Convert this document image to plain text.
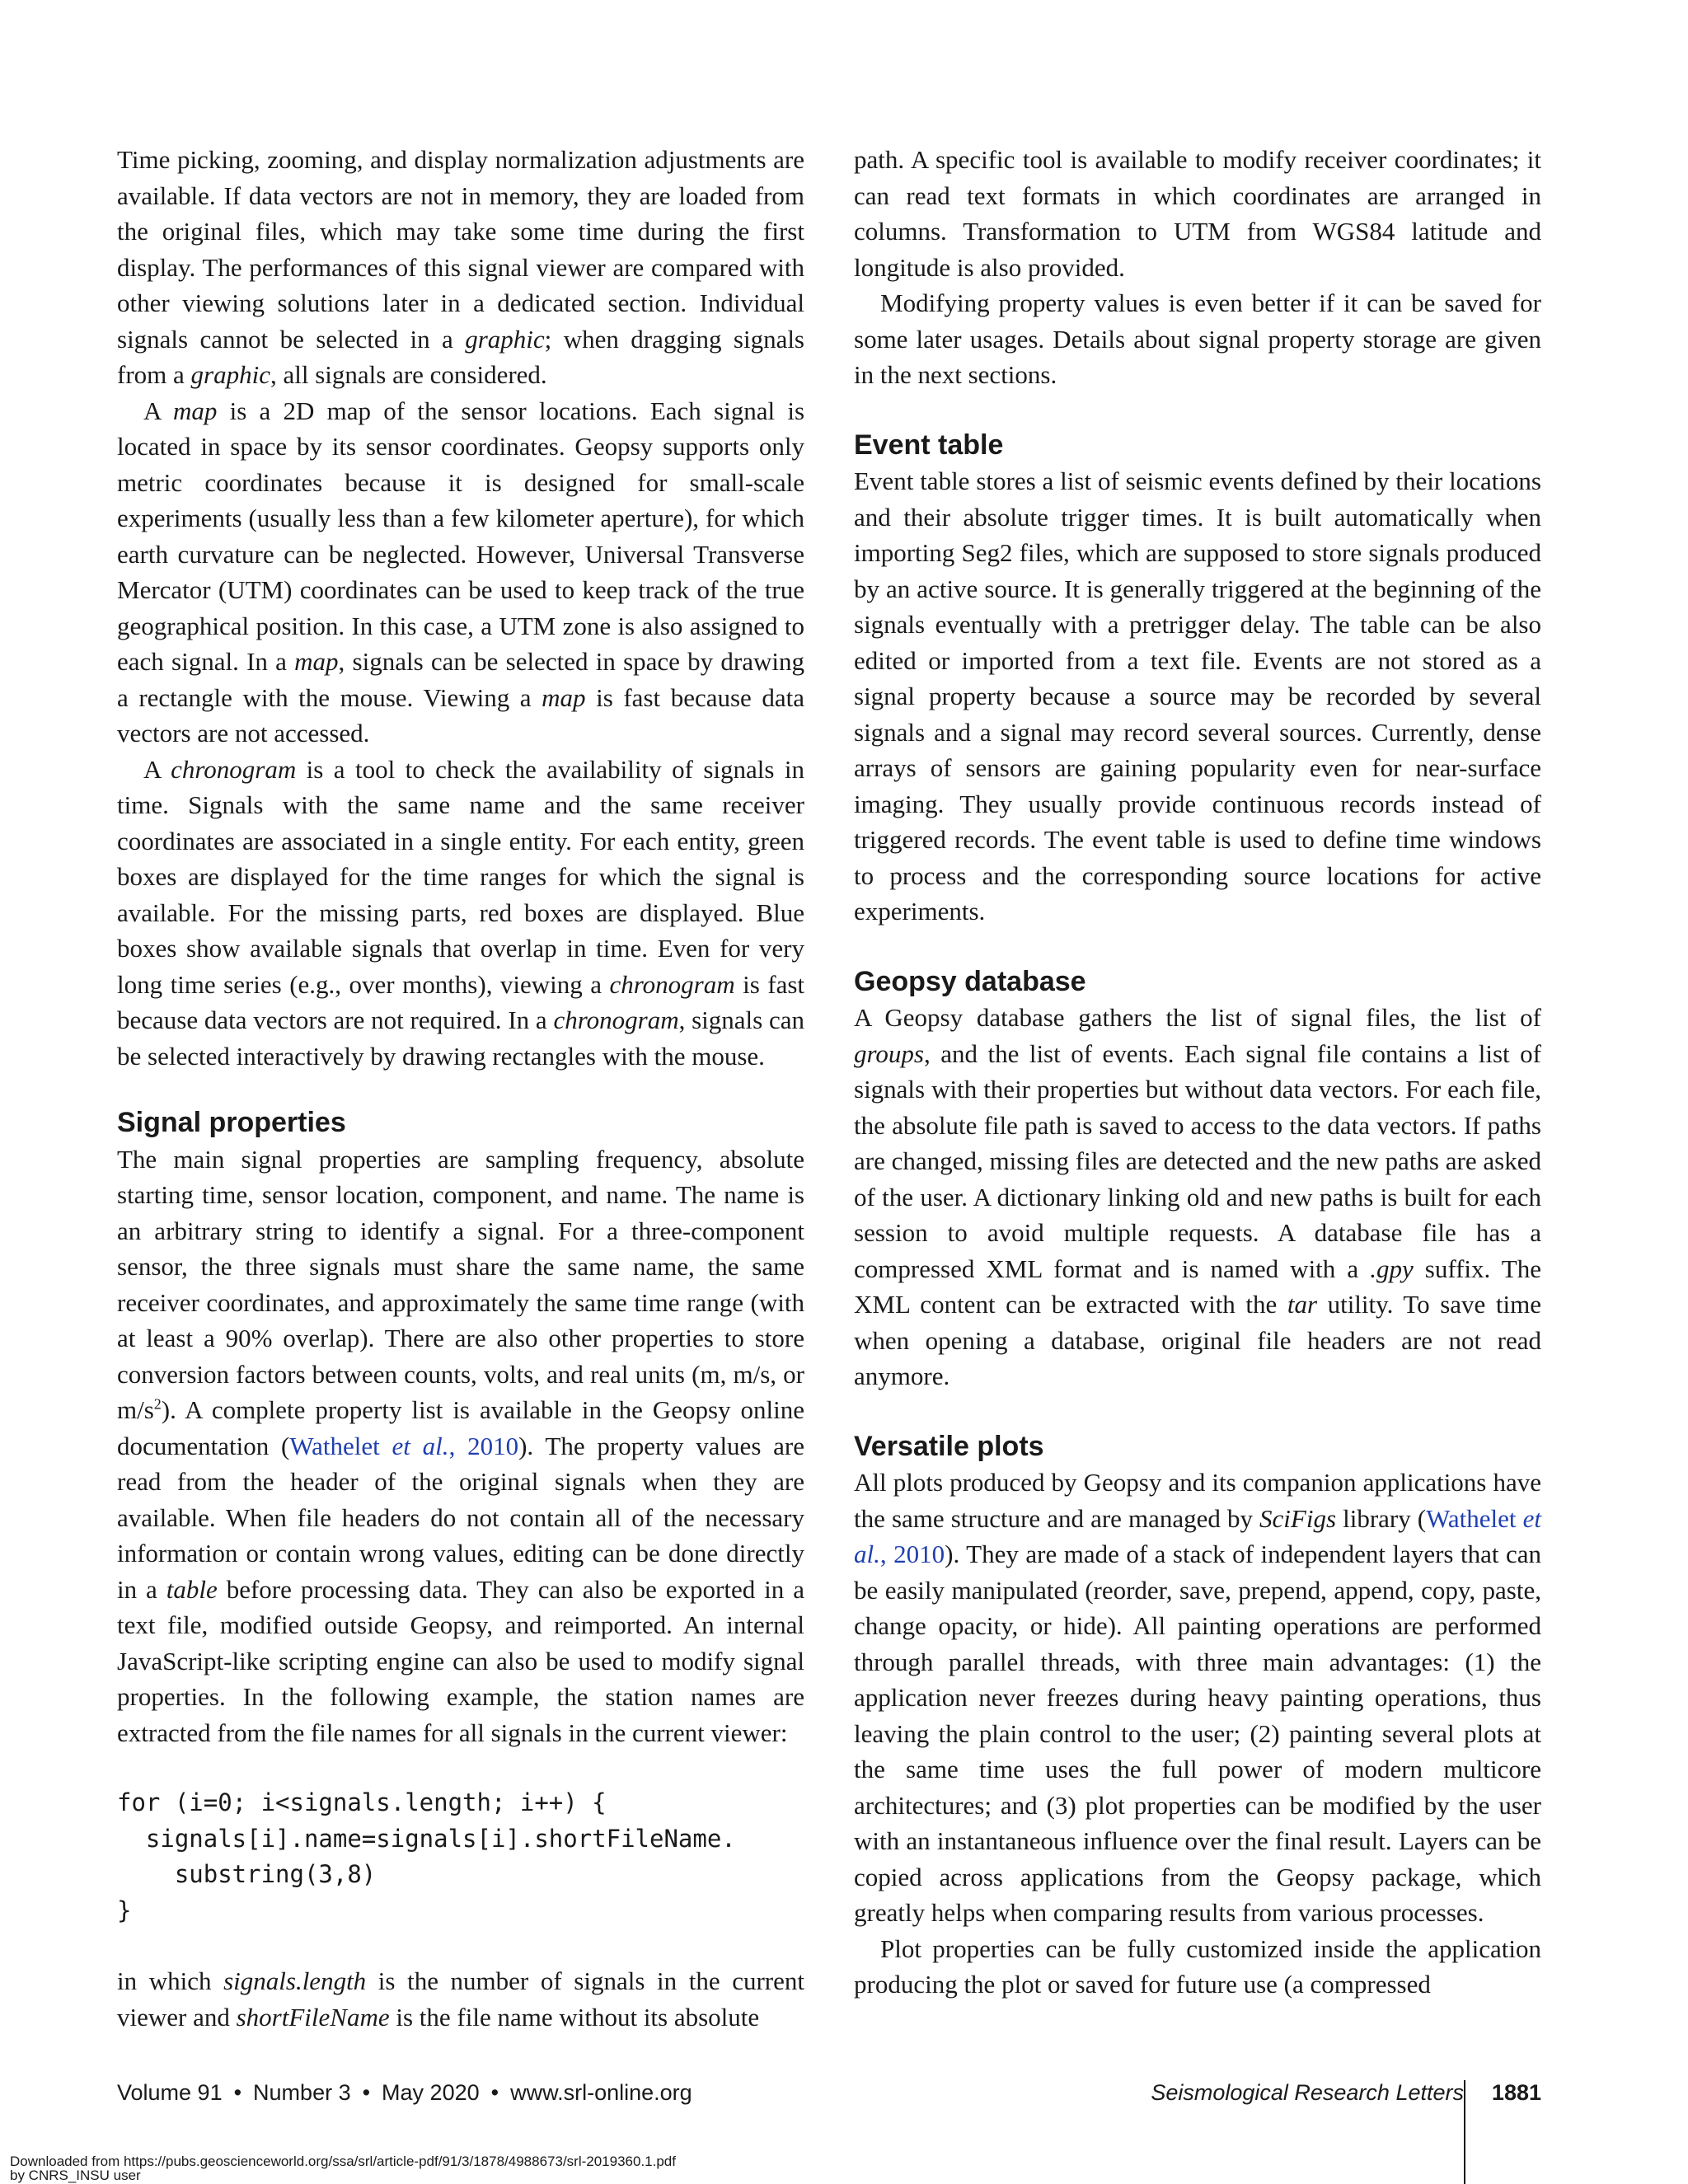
Time picking, zooming, and display normalization adjustments are available. If data vectors are not in memory, they are loaded from the original files, which may take some time during the first display. The performances of this signal viewer are compared with other viewing solutions later in a dedicated section. Individual signals cannot be selected in a graphic; when dragging signals from a graphic, all signals are considered.

A map is a 2D map of the sensor locations. Each signal is located in space by its sensor coordinates. Geopsy supports only metric coordinates because it is designed for small-scale experiments (usually less than a few kilometer aperture), for which earth curvature can be neglected. However, Universal Transverse Mercator (UTM) coordinates can be used to keep track of the true geographical position. In this case, a UTM zone is also assigned to each signal. In a map, signals can be selected in space by drawing a rectangle with the mouse. Viewing a map is fast because data vectors are not accessed.

A chronogram is a tool to check the availability of signals in time. Signals with the same name and the same receiver coordinates are associated in a single entity. For each entity, green boxes are displayed for the time ranges for which the signal is available. For the missing parts, red boxes are displayed. Blue boxes show available signals that overlap in time. Even for very long time series (e.g., over months), viewing a chronogram is fast because data vectors are not required. In a chronogram, signals can be selected interactively by drawing rectangles with the mouse.

Signal properties

The main signal properties are sampling frequency, absolute starting time, sensor location, component, and name. The name is an arbitrary string to identify a signal. For a three-component sensor, the three signals must share the same name, the same receiver coordinates, and approximately the same time range (with at least a 90% overlap). There are also other properties to store conversion factors between counts, volts, and real units (m, m/s, or $m/s^2$). A complete property list is available in the Geopsy online documentation (Wathelet et al., 2010). The property values are read from the header of the original signals when they are available. When file headers do not contain all of the necessary information or contain wrong values, editing can be done directly in a table before processing data. They can also be exported in a text file, modified outside Geopsy, and reimported. An internal JavaScript-like scripting engine can also be used to modify signal properties. In the following example, the station names are extracted from the file names for all signals in the current viewer:

for (i=0; i<signals.length; i++) {
signals[i].name=signals[i].shortFileName.
substring(3,8)
}

in which signals.length is the number of signals in the current viewer and shortFileName is the file name without its absolute

path. A specific tool is available to modify receiver coordinates; it can read text formats in which coordinates are arranged in columns. Transformation to UTM from WGS84 latitude and longitude is also provided.

Modifying property values is even better if it can be saved for some later usages. Details about signal property storage are given in the next sections.

Event table

Event table stores a list of seismic events defined by their locations and their absolute trigger times. It is built automatically when importing Seg2 files, which are supposed to store signals produced by an active source. It is generally triggered at the beginning of the signals eventually with a pretrigger delay. The table can be also edited or imported from a text file. Events are not stored as a signal property because a source may be recorded by several signals and a signal may record several sources. Currently, dense arrays of sensors are gaining popularity even for near-surface imaging. They usually provide continuous records instead of triggered records. The event table is used to define time windows to process and the corresponding source locations for active experiments.

Geopsy database

A Geopsy database gathers the list of signal files, the list of groups, and the list of events. Each signal file contains a list of signals with their properties but without data vectors. For each file, the absolute file path is saved to access to the data vectors. If paths are changed, missing files are detected and the new paths are asked of the user. A dictionary linking old and new paths is built for each session to avoid multiple requests. A database file has a compressed XML format and is named with a .gpy suffix. The XML content can be extracted with the tar utility. To save time when opening a database, original file headers are not read anymore.

Versatile plots

All plots produced by Geopsy and its companion applications have the same structure and are managed by SciFigs library (Wathelet et al., 2010). They are made of a stack of independent layers that can be easily manipulated (reorder, save, prepend, append, copy, paste, change opacity, or hide). All painting operations are performed through parallel threads, with three main advantages: (1) the application never freezes during heavy painting operations, thus leaving the plain control to the user; (2) painting several plots at the same time uses the full power of modern multicore architectures; and (3) plot properties can be modified by the user with an instantaneous influence over the final result. Layers can be copied across applications from the Geopsy package, which greatly helps when comparing results from various processes.

Plot properties can be fully customized inside the application producing the plot or saved for future use (a compressed

Volume 91 • Number 3 • May 2020 • www.srl-online.org	Seismological Research Letters 1881
Downloaded from https://pubs.geoscienceworld.org/ssa/srl/article-pdf/91/3/1878/4988673/srl-2019360.1.pdf
by CNRS_INSU user
